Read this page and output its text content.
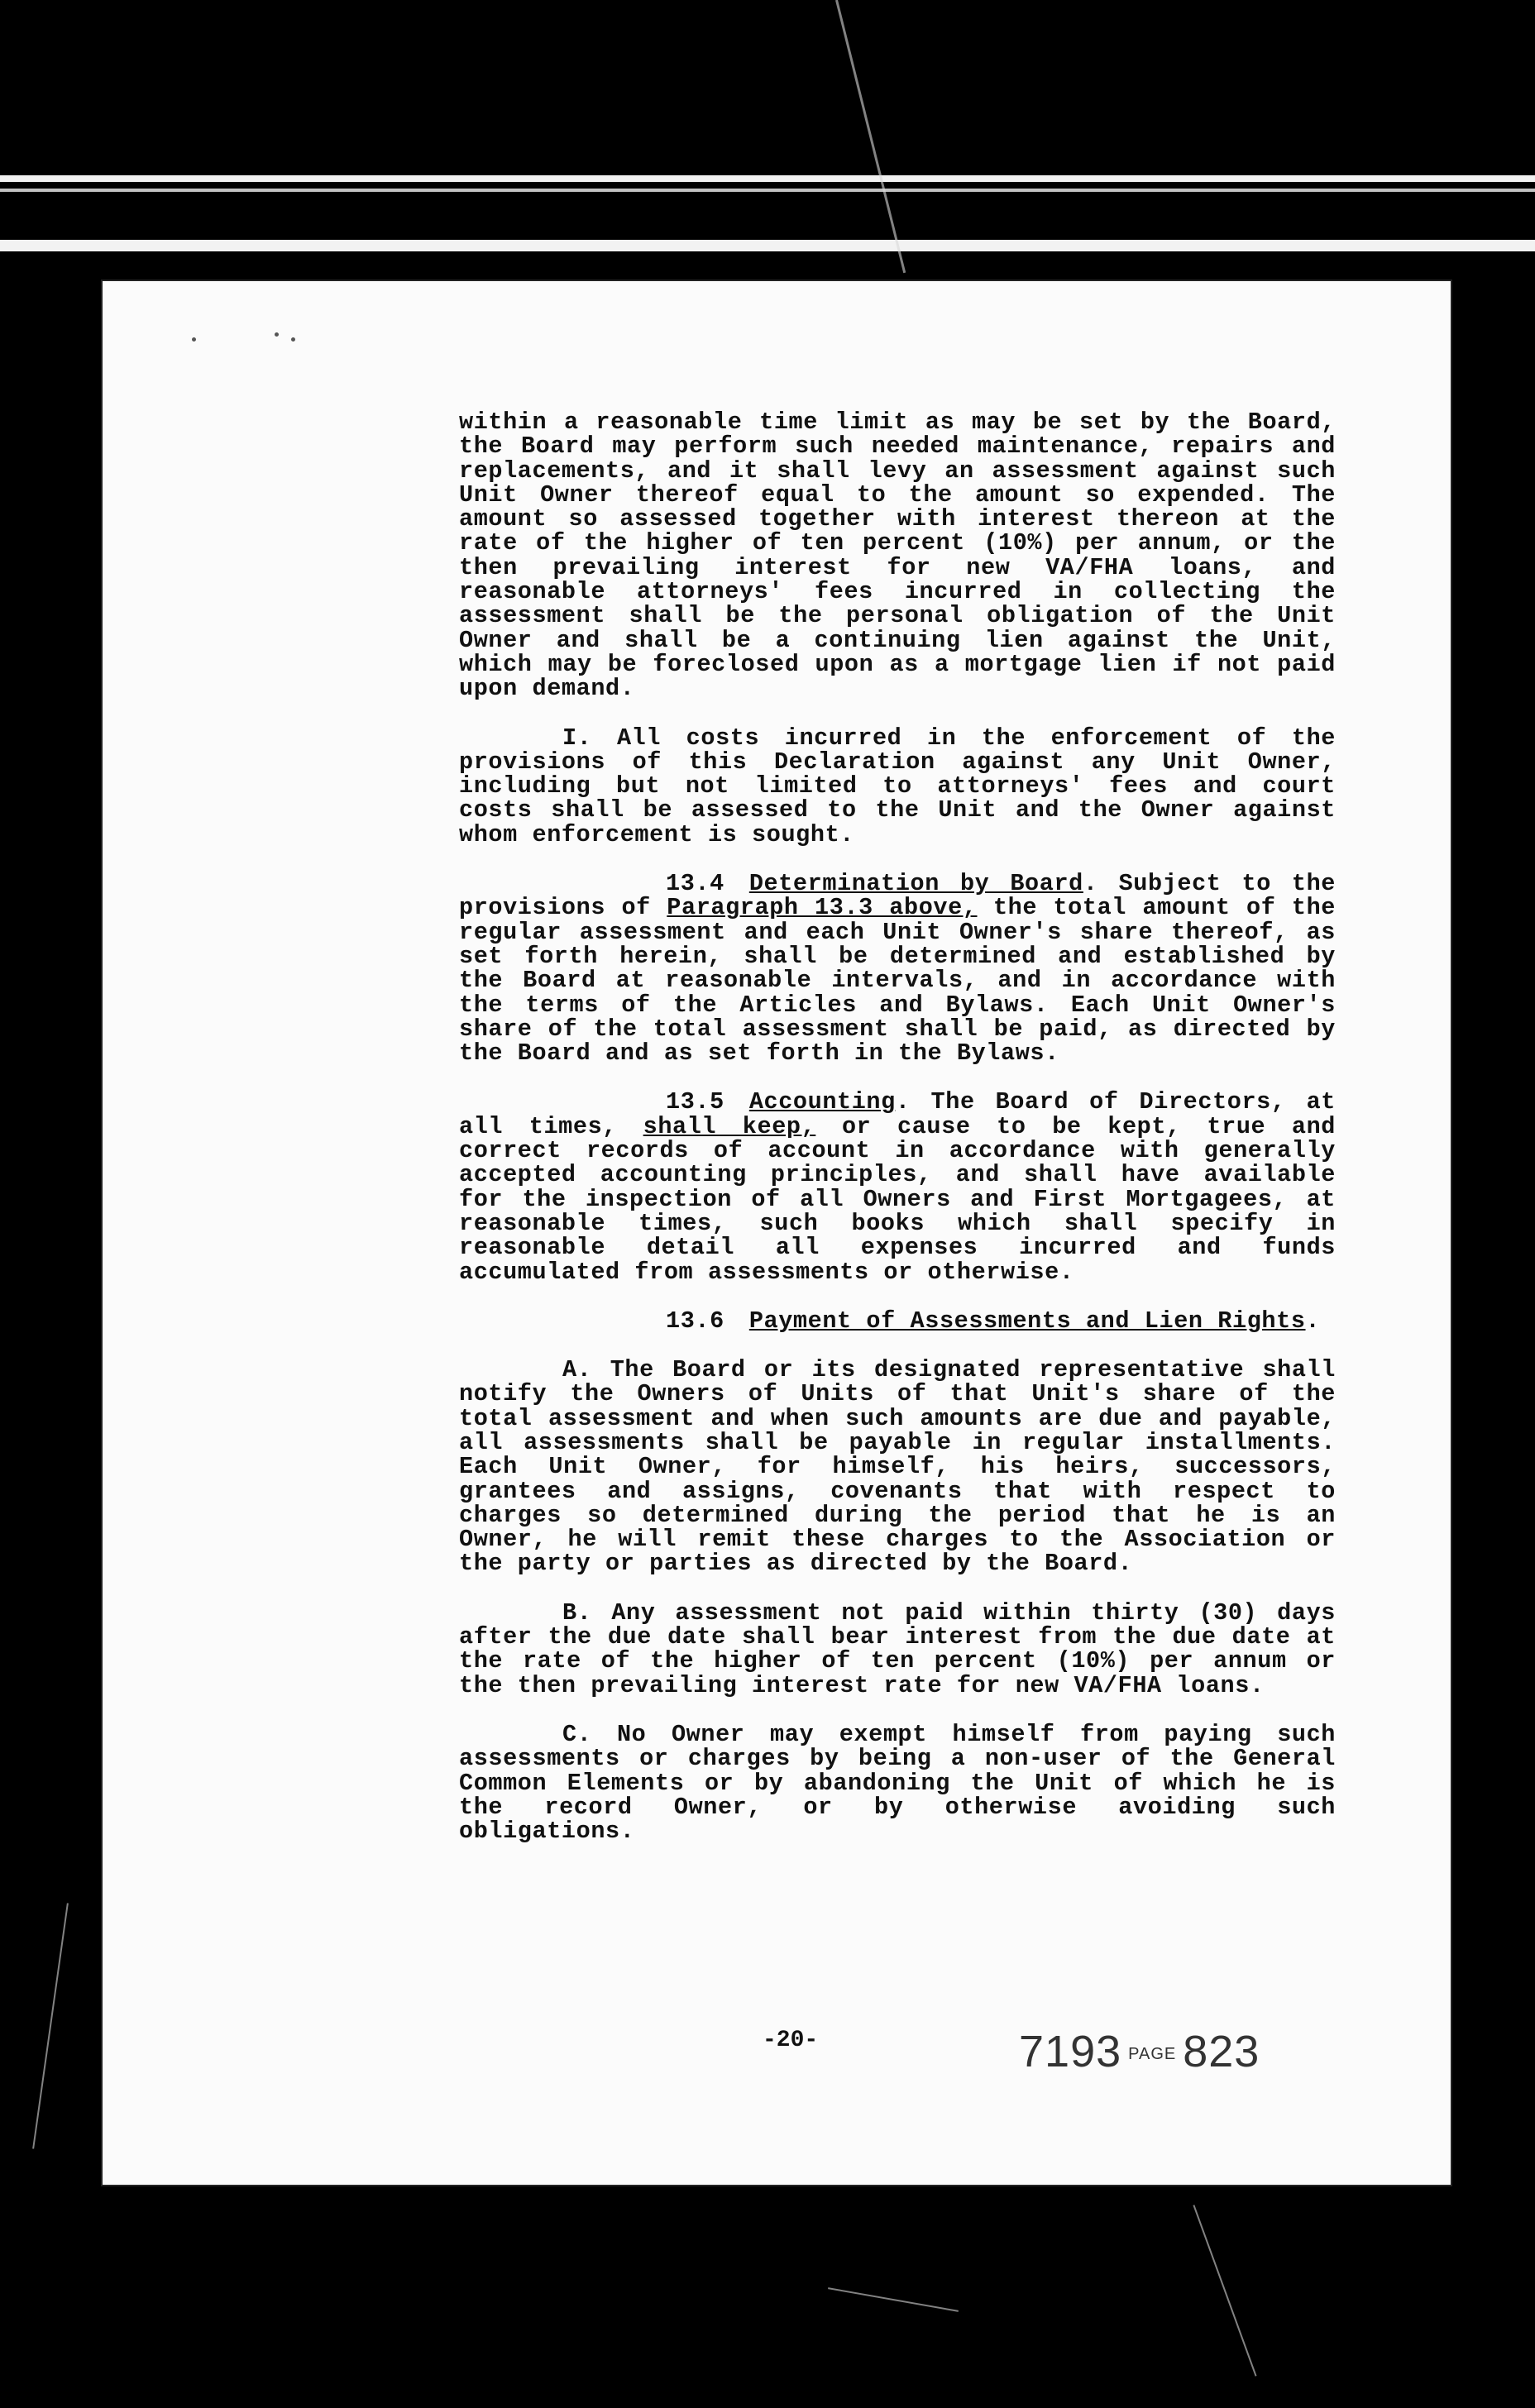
within a reasonable time limit as may be set by the Board, the Board may perform such needed maintenance, repairs and replacements, and it shall levy an assessment against such Unit Owner thereof equal to the amount so expended. The amount so assessed together with interest thereon at the rate of the higher of ten percent (10%) per annum, or the then prevailing interest for new VA/FHA loans, and reasonable attorneys' fees incurred in collecting the assessment shall be the personal obligation of the Unit Owner and shall be a continuing lien against the Unit, which may be foreclosed upon as a mortgage lien if not paid upon demand.

I. All costs incurred in the enforcement of the provisions of this Declaration against any Unit Owner, including but not limited to attorneys' fees and court costs shall be assessed to the Unit and the Owner against whom enforcement is sought.

13.4 Determination by Board. Subject to the provisions of Paragraph 13.3 above, the total amount of the regular assessment and each Unit Owner's share thereof, as set forth herein, shall be determined and established by the Board at reasonable intervals, and in accordance with the terms of the Articles and Bylaws. Each Unit Owner's share of the total assessment shall be paid, as directed by the Board and as set forth in the Bylaws.

13.5 Accounting. The Board of Directors, at all times, shall keep, or cause to be kept, true and correct records of account in accordance with generally accepted accounting principles, and shall have available for the inspection of all Owners and First Mortgagees, at reasonable times, such books which shall specify in reasonable detail all expenses incurred and funds accumulated from assessments or otherwise.

13.6 Payment of Assessments and Lien Rights.

A. The Board or its designated representative shall notify the Owners of Units of that Unit's share of the total assessment and when such amounts are due and payable, all assessments shall be payable in regular installments. Each Unit Owner, for himself, his heirs, successors, grantees and assigns, covenants that with respect to charges so determined during the period that he is an Owner, he will remit these charges to the Association or the party or parties as directed by the Board.

B. Any assessment not paid within thirty (30) days after the due date shall bear interest from the due date at the rate of the higher of ten percent (10%) per annum or the then prevailing interest rate for new VA/FHA loans.

C. No Owner may exempt himself from paying such assessments or charges by being a non-user of the General Common Elements or by abandoning the Unit of which he is the record Owner, or by otherwise avoiding such obligations.

-20-	7193 PAGE 823
